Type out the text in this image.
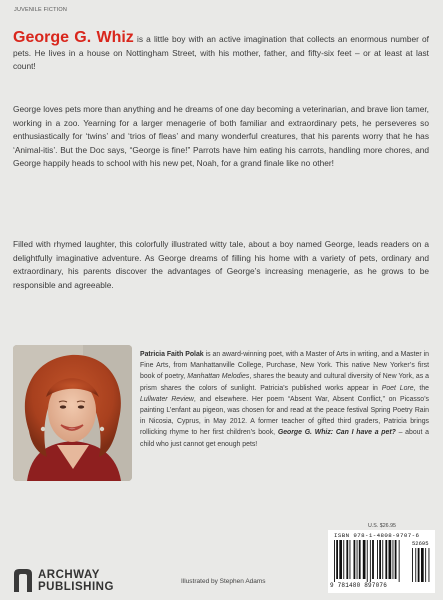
JUVENILE FICTION

George G. Whiz is a little boy with an active imagination that collects an enormous number of pets. He lives in a house on Nottingham Street, with his mother, father, and fifty-six feet – or at least at last count!

George loves pets more than anything and he dreams of one day becoming a veterinarian, and brave lion tamer, working in a zoo. Yearning for a larger menagerie of both familiar and extraordinary pets, he perseveres so enthusiastically for ‘twins’ and ‘trios of fleas’ and many wonderful creatures, that his parents worry that he has ‘Animal-itis’. But the Doc says, “George is fine!” Parrots have him eating his carrots, handling more chores, and George happily heads to school with his new pet, Noah, for a grand finale like no other!

Filled with rhymed laughter, this colorfully illustrated witty tale, about a boy named George, leads readers on a delightfully imaginative adventure. As George dreams of filling his home with a variety of pets, ordinary and extraordinary, his parents discover the advantages of George’s increasing menagerie, as he grows to be responsible and agreeable.

Patricia Faith Polak is an award-winning poet, with a Master of Arts in writing, and a Master in Fine Arts, from Manhattanville College, Purchase, New York. This native New Yorker’s first book of poetry, Manhattan Melodies, shares the beauty and cultural diversity of New York, as a prism shares the colors of sunlight. Patricia’s published works appear in Poet Lore, the Lullwater Review, and elsewhere. Her poem “Absent War, Absent Conflict,” on Picasso’s painting L’enfant au pigeon, was chosen for and read at the peace festival Spring Poetry Rain in Nicosia, Cyprus, in May 2012. A former teacher of gifted third graders, Patricia brings rollicking rhyme to her first children’s book, George G. Whiz: Can I have a pet? – about a child who just cannot get enough pets!

U.S. $26.95
ISBN 978-1-4808-9707-6
9 781480 897076
52695
ARCHWAY
PUBLISHING	Illustrated by Stephen Adams
